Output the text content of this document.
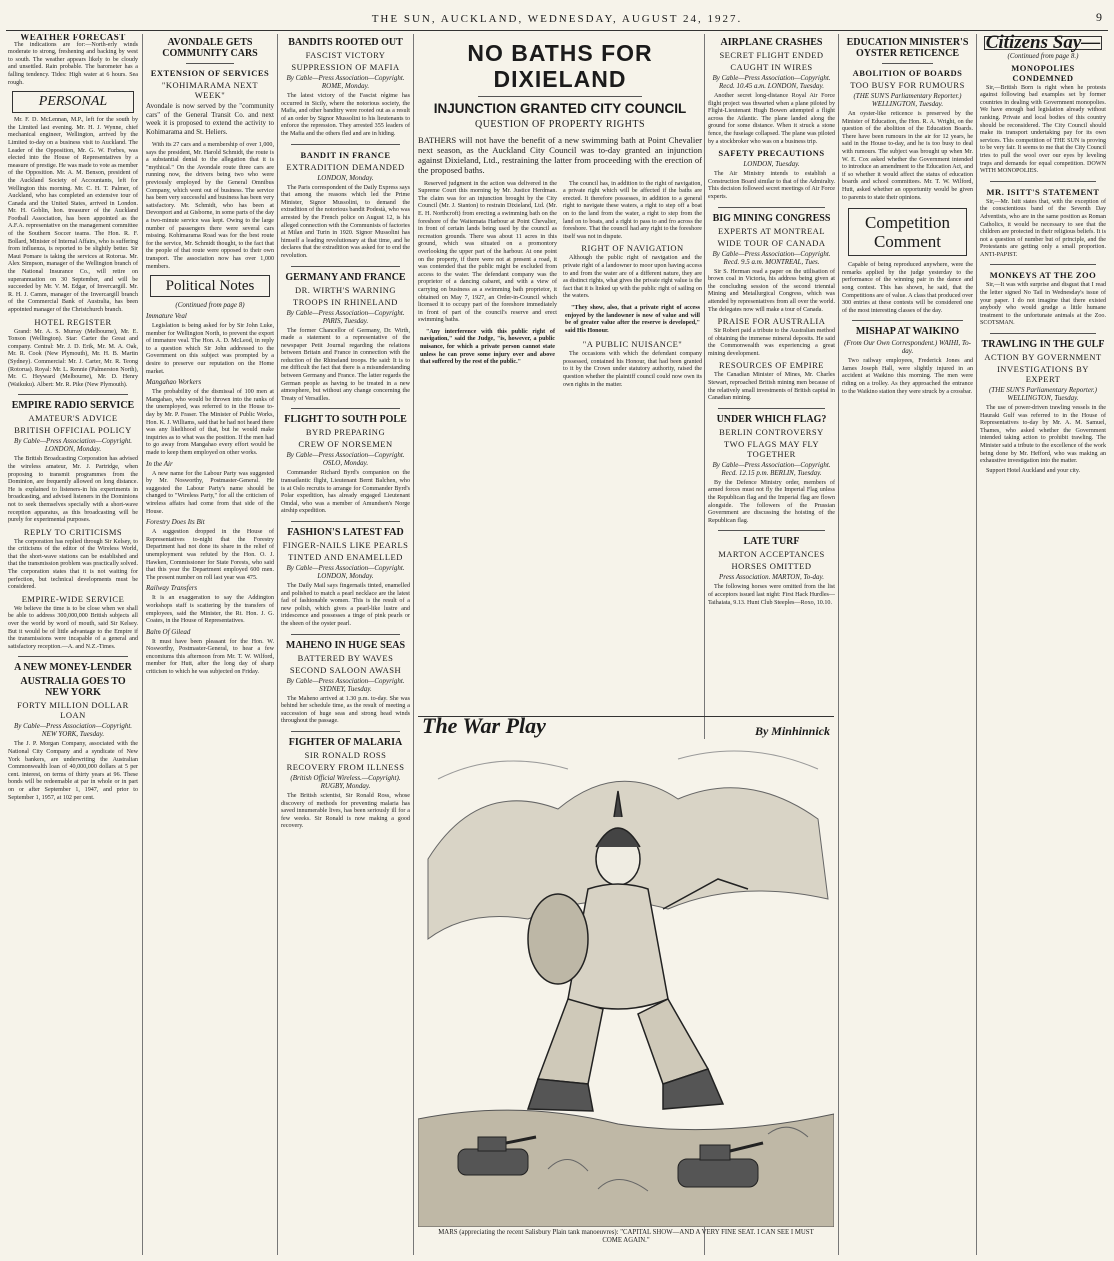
THE SUN, AUCKLAND, WEDNESDAY, AUGUST 24, 1927.	9
WEATHER FORECAST

The indications are for:—North-erly winds moderate to strong, freshening and backing by west to south. The weather appears likely to be cloudy and unsettled. Rain probable. The barometer has a falling tendency. Tides: High water at 6 hours. Sea rough.

PERSONAL

Mr. F. D. McLennan, M.P., left for the south by the Limited last evening. Mr. H. J. Wynne, chief mechanical engineer, Wellington, arrived by the Limited to-day on a business visit to Auckland. The Leader of the Opposition, Mr. G. W. Forbes, was elected into the House of Representatives by a measure of prestige. He was made to vote as member of the Opposition. Mr. A. M. Benson, president of the Auckland Society of Accountants, left for Wellington this morning. Mr. C. H. T. Palmer, of Auckland, who has completed an extensive tour of Canada and the United States, arrived in London. Mr. H. Goblin, hon. treasurer of the Auckland Football Association, has been appointed as the A.F.A. representative on the management committee of the Southern Soccer teams. The Hon. R. F. Bollard, Minister of Internal Affairs, who is suffering from influenza, is reported to be slightly better. Sir Maui Pomare is taking the services at Rotorua. Mr. Alex Simpson, manager of the Wellington branch of the National Insurance Co., will retire on superannuation on 30 September, and will be succeeded by Mr. V. M. Edgar, of Invercargill. Mr. R. H. J. Camm, manager of the Invercargill branch of the Commercial Bank of Australia, has been appointed manager of the Christchurch branch.

HOTEL REGISTER

Grand: Mr. A. S. Murray (Melbourne), Mr. E. Tonson (Wellington). Star: Carter the Great and company. Central: Mr. J. D. Erik, Mr. M. A. Oak, Mr. R. Cook (New Plymouth), Mr. H. B. Martin (Sydney). Commercial: Mr. J. Carter, Mr. R. Teong (Rotorua). Royal: Mr. L. Rennie (Palmerston North), Mr. C. Heyward (Melbourne), Mr. D. Henry (Waikuku). Albert: Mr. R. Pike (New Plymouth).

EMPIRE RADIO SERVICE
AMATEUR'S ADVICE
BRITISH OFFICIAL POLICY
By Cable—Press Association—Copyright. LONDON, Monday.

The British Broadcasting Corporation has advised the wireless amateur, Mr. J. Partridge, when proposing to transmit programmes from the Dominion, are frequently allowed on long distance. He is explained to listeners-in his experiments in broadcasting, and advised listeners in the Dominions not to seek themselves specially with a short-wave reception apparatus, as this broadcasting will be purely for experimental purposes.

REPLY TO CRITICISMS

The corporation has replied through Sir Kelsey, to the criticisms of the editor of the Wireless World, that the short-wave stations can be established and that the transmission problem was practically solved. The corporation states that it is not waiting for perfection, but technical developments must be considered.

EMPIRE-WIDE SERVICE

We believe the time is to be close when we shall be able to address 300,000,000 British subjects all over the world by word of mouth, said Sir Kelsey. But it would be of little advantage to the Empire if the transmissions were incapable of a general and satisfactory reception.—A. and N.Z.-Times.

A NEW MONEY-LENDER
AUSTRALIA GOES TO NEW YORK
FORTY MILLION DOLLAR LOAN
By Cable—Press Association—Copyright. NEW YORK, Tuesday.

The J. P. Morgan Company, associated with the National City Company and a syndicate of New York bankers, are underwriting the Australian Commonwealth loan of 40,000,000 dollars at 5 per cent. interest, on terms of thirty years at 96. These bonds will be redeemable at par in whole or in part on or after September 1, 1947, and prior to September 1, 1957, at 102 per cent.

AVONDALE GETS COMMUNITY CARS
EXTENSION OF SERVICES
"KOHIMARAMA NEXT WEEK"

Avondale is now served by the "community cars" of the General Transit Co. and next week it is proposed to extend the activity to Kohimarama and St. Heliers.

With its 27 cars and a membership of over 1,000, says the president, Mr. Harold Schmidt, the route is a substantial denial to the allegation that it is "mythical." On the Avondale route three cars are running now, the drivers being two who were previously employed by the General Omnibus Company, which went out of business. The service has been very successful and business has been very satisfactory. Mr. Schmidt, who has been at Devonport and at Gisborne, in some parts of the day a two-minute service was kept. Owing to the large number of passengers there were several cars missing. Kohimarama Road was for the best route for the service, Mr. Schmidt thought, to the fact that the people of that route were opposed to their own transport. The association now has over 1,000 members.

Political Notes
(Continued from page 8)
Immature Veal

Legislation is being asked for by Sir John Luke, member for Wellington North, to prevent the export of immature veal. The Hon. A. D. McLeod, in reply to a question which Sir John addressed to the Government on this subject was prompted by a desire to preserve our reputation on the Home market.

Mangahao Workers

The probability of the dismissal of 100 men at Mangahao, who would be thrown into the ranks of the unemployed, was referred to in the House to-day by Mr. P. Fraser. The Minister of Public Works, Hon. K. J. Williams, said that he had not heard there was any likelihood of that, but he would make inquiries as to what was the position. If the men had to go away from Mangahao every effort would be made to keep them employed on other works.

In the Air

A new name for the Labour Party was suggested by Mr. Nosworthy, Postmaster-General. He suggested the Labour Party's name should be changed to "Wireless Party," for all the criticism of wireless affairs had come from that side of the House.

Forestry Does Its Bit

A suggestion dropped in the House of Representatives to-night that the Forestry Department had not done its share in the relief of unemployment was refuted by the Hon. O. J. Hawken, Commissioner for State Forests, who said that this year the Department employed 600 men. The present number on roll last year was 475.

Railway Transfers

It is an exaggeration to say the Addington workshops staff is scattering by the transfers of employees, said the Minister, the Rt. Hon. J. G. Coates, in the House of Representatives.

Balm Of Gilead

It must have been pleasant for the Hon. W. Nosworthy, Postmaster-General, to hear a few encomiums this afternoon from Mr. T. W. Wilford, member for Hutt, after the long day of sharp criticism to which he was subjected on Friday.

BANDITS ROOTED OUT
FASCIST VICTORY
SUPPRESSION OF MAFIA
By Cable—Press Association—Copyright. ROME, Monday.

The latest victory of the Fascist régime has occurred in Sicily, where the notorious society, the Mafia, and other banditry were rooted out as a result of an order by Signor Mussolini to his lieutenants to enforce the repression. They arrested 355 leaders of the Mafia and the others fled and are in hiding.

BANDIT IN FRANCE
EXTRADITION DEMANDED
LONDON, Monday.

The Paris correspondent of the Daily Express says that among the reasons which led the Prime Minister, Signor Mussolini, to demand the extradition of the notorious bandit Podestà, who was arrested by the French police on August 12, is his alleged connection with the Communists of factories at Milan and Turin in 1920. Signor Mussolini has himself a leading revolutionary at that time, and he declares that the extradition was asked for to end the revolution.

GERMANY AND FRANCE
DR. WIRTH'S WARNING
TROOPS IN RHINELAND
By Cable—Press Association—Copyright. PARIS, Tuesday.

The former Chancellor of Germany, Dr. Wirth, made a statement to a representative of the newspaper Petit Journal regarding the relations between Britain and France in connection with the reduction of the Rhineland troops. He said: It is to me difficult the fact that there is a misunderstanding between Germany and France. The latter regards the German people as having to be treated in a new atmosphere, but without any change concerning the Treaty of Versailles.

FLIGHT TO SOUTH POLE
BYRD PREPARING
CREW OF NORSEMEN
By Cable—Press Association—Copyright. OSLO, Monday.

Commander Richard Byrd's companion on the transatlantic flight, Lieutenant Bernt Balchen, who is at Oslo recruits to arrange for Commander Byrd's Polar expedition, has already engaged Lieutenant Omdal, who was a member of Amundsen's Norge airship expedition.

FASHION'S LATEST FAD
FINGER-NAILS LIKE PEARLS
TINTED AND ENAMELLED
By Cable—Press Association—Copyright. LONDON, Monday.

The Daily Mail says fingernails tinted, enamelled and polished to match a pearl necklace are the latest fad of fashionable women. This is the result of a new polish, which gives a pearl-like lustre and iridescence and possesses a tinge of pink pearls or the sheen of the oyster pearl.

MAHENO IN HUGE SEAS
BATTERED BY WAVES
SECOND SALOON AWASH
By Cable—Press Association—Copyright. SYDNEY, Tuesday.

The Maheno arrived at 1.30 p.m. to-day. She was behind her schedule time, as the result of meeting a succession of huge seas and strong head winds throughout the passage.

FIGHTER OF MALARIA
SIR RONALD ROSS
RECOVERY FROM ILLNESS
(British Official Wireless.—Copyright). RUGBY, Monday.

The British scientist, Sir Ronald Ross, whose discovery of methods for preventing malaria has saved innumerable lives, has been seriously ill for a few weeks. Sir Ronald is now making a good recovery.

NO BATHS FOR DIXIELAND
INJUNCTION GRANTED CITY COUNCIL
QUESTION OF PROPERTY RIGHTS

BATHERS will not have the benefit of a new swimming bath at Point Chevalier next season, as the Auckland City Council was to-day granted an injunction against Dixieland, Ltd., restraining the latter from proceeding with the erection of the proposed baths.

Reserved judgment in the action was delivered in the Supreme Court this morning by Mr. Justice Herdman. The claim was for an injunction brought by the City Council (Mr. J. Stanton) to restrain Dixieland, Ltd. (Mr. E. H. Northcroft) from erecting a swimming bath on the foreshore of the Waitemata Harbour at Point Chevalier, in front of certain lands being used by the council as recreation grounds. There was about 11 acres in this ground, which was situated on a promontory overlooking the upper part of the harbour. At one point on the property, if there were not at present a road, it was contended that the public might be excluded from access to the water. The defendant company was the proprietor of a dancing cabaret, and with a view of carrying on business as a swimming bath proprietor, it obtained on May 7, 1927, an Order-in-Council which licensed it to occupy part of the foreshore immediately in front of part of the council's reserve and erect swimming baths.

"Any interference with this public right of navigation," said the Judge, "is, however, a public nuisance, for which a private person cannot state unless he can prove some injury over and above that suffered by the rest of the public."

The council has, in addition to the right of navigation, a private right which will be affected if the baths are erected. It therefore possesses, in addition to a general right to navigate these waters, a right to step off a boat on to the land from the water, a right to step from the land on to boats, and a right to pass to and fro across the foreshore. That the council had any right to the foreshore itself was not in dispute.

RIGHT OF NAVIGATION

Although the public right of navigation and the private right of a landowner to moor upon having access to and from the water are of a different nature, they are as distinct rights, what gives the private right value is the fact that it is linked up with the public right of sailing on the waters.

"They show, also, that a private right of access enjoyed by the landowner is now of value and will be of greater value after the reserve is developed," said His Honour.

"A PUBLIC NUISANCE"

The occasions with which the defendant company possessed, contained his Honour, that had been granted to it by the Crown under statutory authority, raised the question whether the plaintiff council could now own its own rights in the matter.

AIRPLANE CRASHES
SECRET FLIGHT ENDED
CAUGHT IN WIRES
By Cable—Press Association—Copyright. Recd. 10.45 a.m. LONDON, Tuesday.

Another secret long-distance Royal Air Force flight project was thwarted when a plane piloted by Flight-Lieutenant Hugh Bowen attempted a flight across the Atlantic. The plane landed along the ground for some distance. When it struck a stone fence, the fuselage collapsed. The plane was piloted by a stockbroker who was on a business trip.

SAFETY PRECAUTIONS
LONDON, Tuesday.

The Air Ministry intends to establish a Construction Board similar to that of the Admiralty. This decision followed secret meetings of Air Force experts.

BIG MINING CONGRESS
EXPERTS AT MONTREAL
WIDE TOUR OF CANADA
By Cable—Press Association—Copyright. Recd. 9.5 a.m. MONTREAL, Tues.

Sir S. Herman read a paper on the utilisation of brown coal in Victoria, his address being given at the concluding session of the second triennial Mining and Metallurgical Congress, which was attended by representatives from all over the world. The delegates now will make a tour of Canada.

PRAISE FOR AUSTRALIA

Sir Robert paid a tribute to the Australian method of obtaining the immense mineral deposits. He said the Commonwealth was experiencing a great mining development.

RESOURCES OF EMPIRE

The Canadian Minister of Mines, Mr. Charles Stewart, reproached British mining men because of the relatively small investments of British capital in Canadian mining.

UNDER WHICH FLAG?
BERLIN CONTROVERSY
TWO FLAGS MAY FLY TOGETHER
By Cable—Press Association—Copyright. Recd. 12.15 p.m. BERLIN, Tuesday.

By the Defence Ministry order, members of armed forces must not fly the Imperial Flag unless the Republican flag and the Imperial flag are flown alongside. The followers of the Prussian Government are discussing the hoisting of the Republican flag.

LATE TURF
MARTON ACCEPTANCES
HORSES OMITTED
Press Association. MARTON, To-day.

The following horses were omitted from the list of acceptors issued last night: First Hack Hurdles—Taihaiata, 9.13. Hunt Club Steeples—Roxo, 10.10.

The War Play	By Minhinnick
MARS (appreciating the recent Salisbury Plain tank manoeuvres): "CAPITAL SHOW—AND A VERY FINE SEAT. I CAN SEE I MUST COME AGAIN."
EDUCATION MINISTER'S OYSTER RETICENCE
ABOLITION OF BOARDS
TOO BUSY FOR RUMOURS
(THE SUN'S Parliamentary Reporter.) WELLINGTON, Tuesday.

An oyster-like reticence is preserved by the Minister of Education, the Hon. R. A. Wright, on the question of the abolition of the Education Boards. There have been rumours in the air for 12 years, he said in the House to-day, and he is too busy to deal with rumours. The subject was brought up when Mr. W. E. Cox asked whether the Government intended to introduce an amendment to the Education Act, and if so whether it would affect the status of education boards and school committees. Mr. T. W. Wilford, Hutt, asked whether an opportunity would be given to parents to state their opinions.

Competition Comment

Capable of being reproduced anywhere, were the remarks applied by the judge yesterday to the performance of the winning pair in the dance and song contest. This has shown, he said, that the Competitions are of value. A class that produced over 300 entries at these contests will be considered one of the most interesting classes of the day.

MISHAP AT WAIKINO
(From Our Own Correspondent.) WAIHI, To-day.

Two railway employees, Frederick Jones and James Joseph Hall, were slightly injured in an accident at Waikino this morning. The men were riding on a trolley. As they approached the entrance to the Waikino station they were struck by a crossbar.

Citizens Say—
(Continued from page 8.)
MONOPOLIES CONDEMNED

Sir,—British Born is right when he protests against following bad examples set by former countries in dealing with Government monopolies. We have enough bad legislation already without ranking. Private and local bodies of this country should be reconsidered. The City Council should make its transport undertaking pay for its own services. This competition of THE SUN is proving to be very fair. It seems to me that the City Council tries to pull the wool over our eyes by leveling traps and demands for equal competition. DOWN WITH MONOPOLIES.

MR. ISITT'S STATEMENT

Sir,—Mr. Isitt states that, with the exception of the conscientious band of the Seventh Day Adventists, who are in the same position as Roman Catholics, it would be necessary to see that the children are protected in their religious beliefs. It is not a question of number but of principle, and the Protestants are getting only a small proportion. ANTI-PAPIST.

MONKEYS AT THE ZOO

Sir,—It was with surprise and disgust that I read the letter signed No Tail in Wednesday's issue of your paper. I do not imagine that there existed anybody who would grudge a little humane treatment to the unfortunate animals at the Zoo. SCOTSMAN.

TRAWLING IN THE GULF
ACTION BY GOVERNMENT
INVESTIGATIONS BY EXPERT
(THE SUN'S Parliamentary Reporter.) WELLINGTON, Tuesday.

The use of power-driven trawling vessels in the Hauraki Gulf was referred to in the House of Representatives to-day by Mr. A. M. Samuel, Thames, who asked whether the Government intended taking action to prohibit trawling. The Minister said a tribute to the excellence of the work being done by Mr. Hefford, who was making an exhaustive investigation into the matter.

Support Hotel Auckland and your city.
